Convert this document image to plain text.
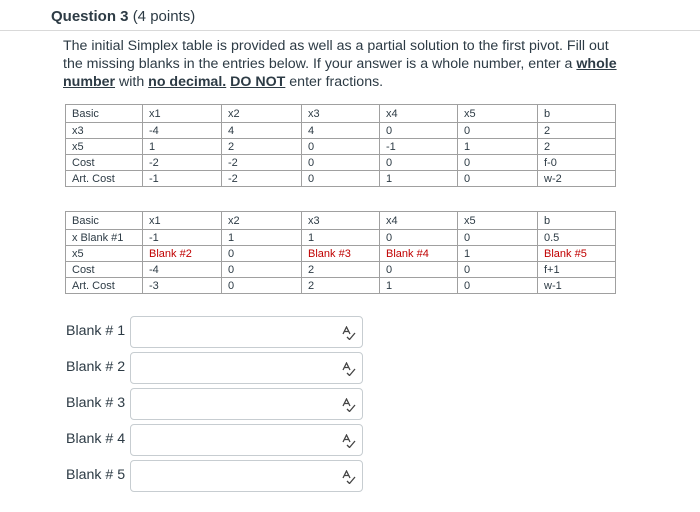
Question 3 (4 points)
The initial Simplex table is provided as well as a partial solution to the first pivot. Fill out the missing blanks in the entries below. If your answer is a whole number, enter a whole number with no decimal. DO NOT enter fractions.
Basic	x1	x2	x3	x4	x5	b
x3	-4	4	4	0	0	2
x5	1	2	0	-1	1	2
Cost	-2	-2	0	0	0	f-0
Art. Cost	-1	-2	0	1	0	w-2
Basic	x1	x2	x3	x4	x5	b
x Blank #1	-1	1	1	0	0	0.5
x5	Blank #2	0	Blank #3	Blank #4	1	Blank #5
Cost	-4	0	2	0	0	f+1
Art. Cost	-3	0	2	1	0	w-1
Blank # 1
Blank # 2
Blank # 3
Blank # 4
Blank # 5
